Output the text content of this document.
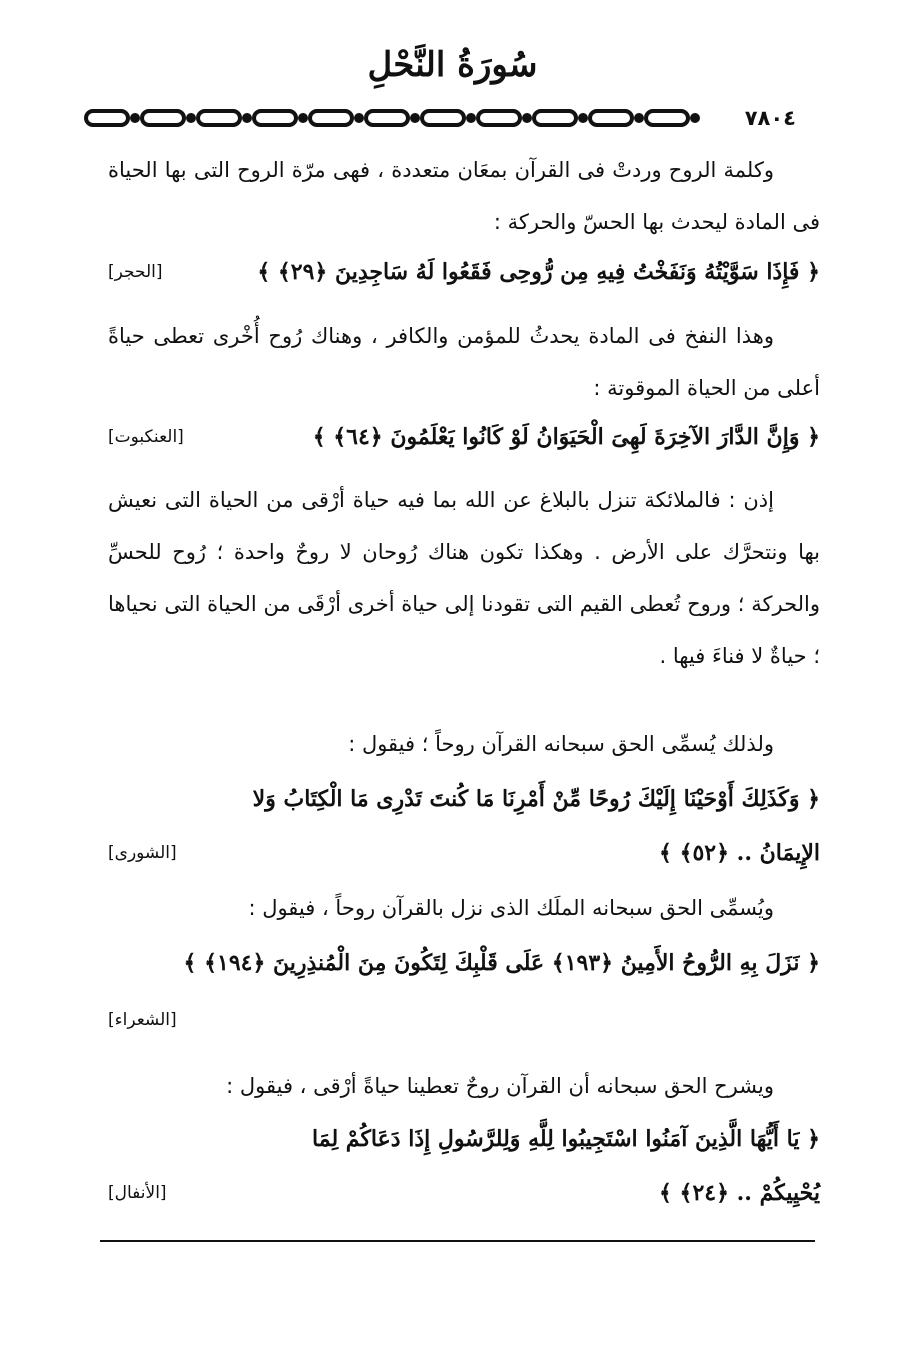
سُورَةُ النَّحْلِ
٧٨٠٤

وكلمة الروح وردتْ فى القرآن بمعَان متعددة ، فهى مرّة الروح التى بها الحياة فى المادة ليحدث بها الحسّ والحركة :

﴿ فَإِذَا سَوَّيْتُهُ وَنَفَخْتُ فِيهِ مِن رُّوحِى فَقَعُوا لَهُ سَاجِدِينَ ﴿٢٩﴾ ﴾
[الحجر]

وهذا النفخ فى المادة يحدثُ للمؤمن والكافر ، وهناك رُوح أُخْرى تعطى حياةً أعلى من الحياة الموقوتة :

﴿ وَإِنَّ الدَّارَ الآخِرَةَ لَهِىَ الْحَيَوَانُ لَوْ كَانُوا يَعْلَمُونَ ﴿٦٤﴾ ﴾
[العنكبوت]

إذن : فالملائكة تنزل بالبلاغ عن الله بما فيه حياة أرْقى من الحياة التى نعيش بها ونتحرَّك على الأرض . وهكذا تكون هناك رُوحان لا روحٌ واحدة ؛ رُوح للحسِّ والحركة ؛ وروح تُعطى القيم التى تقودنا إلى حياة أخرى أرْقَى من الحياة التى نحياها ؛ حياةٌ لا فناءَ فيها .

ولذلك يُسمِّى الحق سبحانه القرآن روحاً ؛ فيقول :

﴿ وَكَذَلِكَ أَوْحَيْنَا إِلَيْكَ رُوحًا مِّنْ أَمْرِنَا مَا كُنتَ تَدْرِى مَا الْكِتَابُ وَلا
الإِيمَانُ .. ﴿٥٢﴾ ﴾
[الشورى]

ويُسمِّى الحق سبحانه الملَك الذى نزل بالقرآن روحاً ، فيقول :

﴿ نَزَلَ بِهِ الرُّوحُ الأَمِينُ ﴿١٩٣﴾ عَلَى قَلْبِكَ لِتَكُونَ مِنَ الْمُنذِرِينَ ﴿١٩٤﴾ ﴾
[الشعراء]

ويشرح الحق سبحانه أن القرآن روحٌ تعطينا حياةً أرْقى ، فيقول :

﴿ يَا أَيُّهَا الَّذِينَ آمَنُوا اسْتَجِيبُوا لِلَّهِ وَلِلرَّسُولِ إِذَا دَعَاكُمْ لِمَا
يُحْيِيكُمْ .. ﴿٢٤﴾ ﴾
[الأنفال]
